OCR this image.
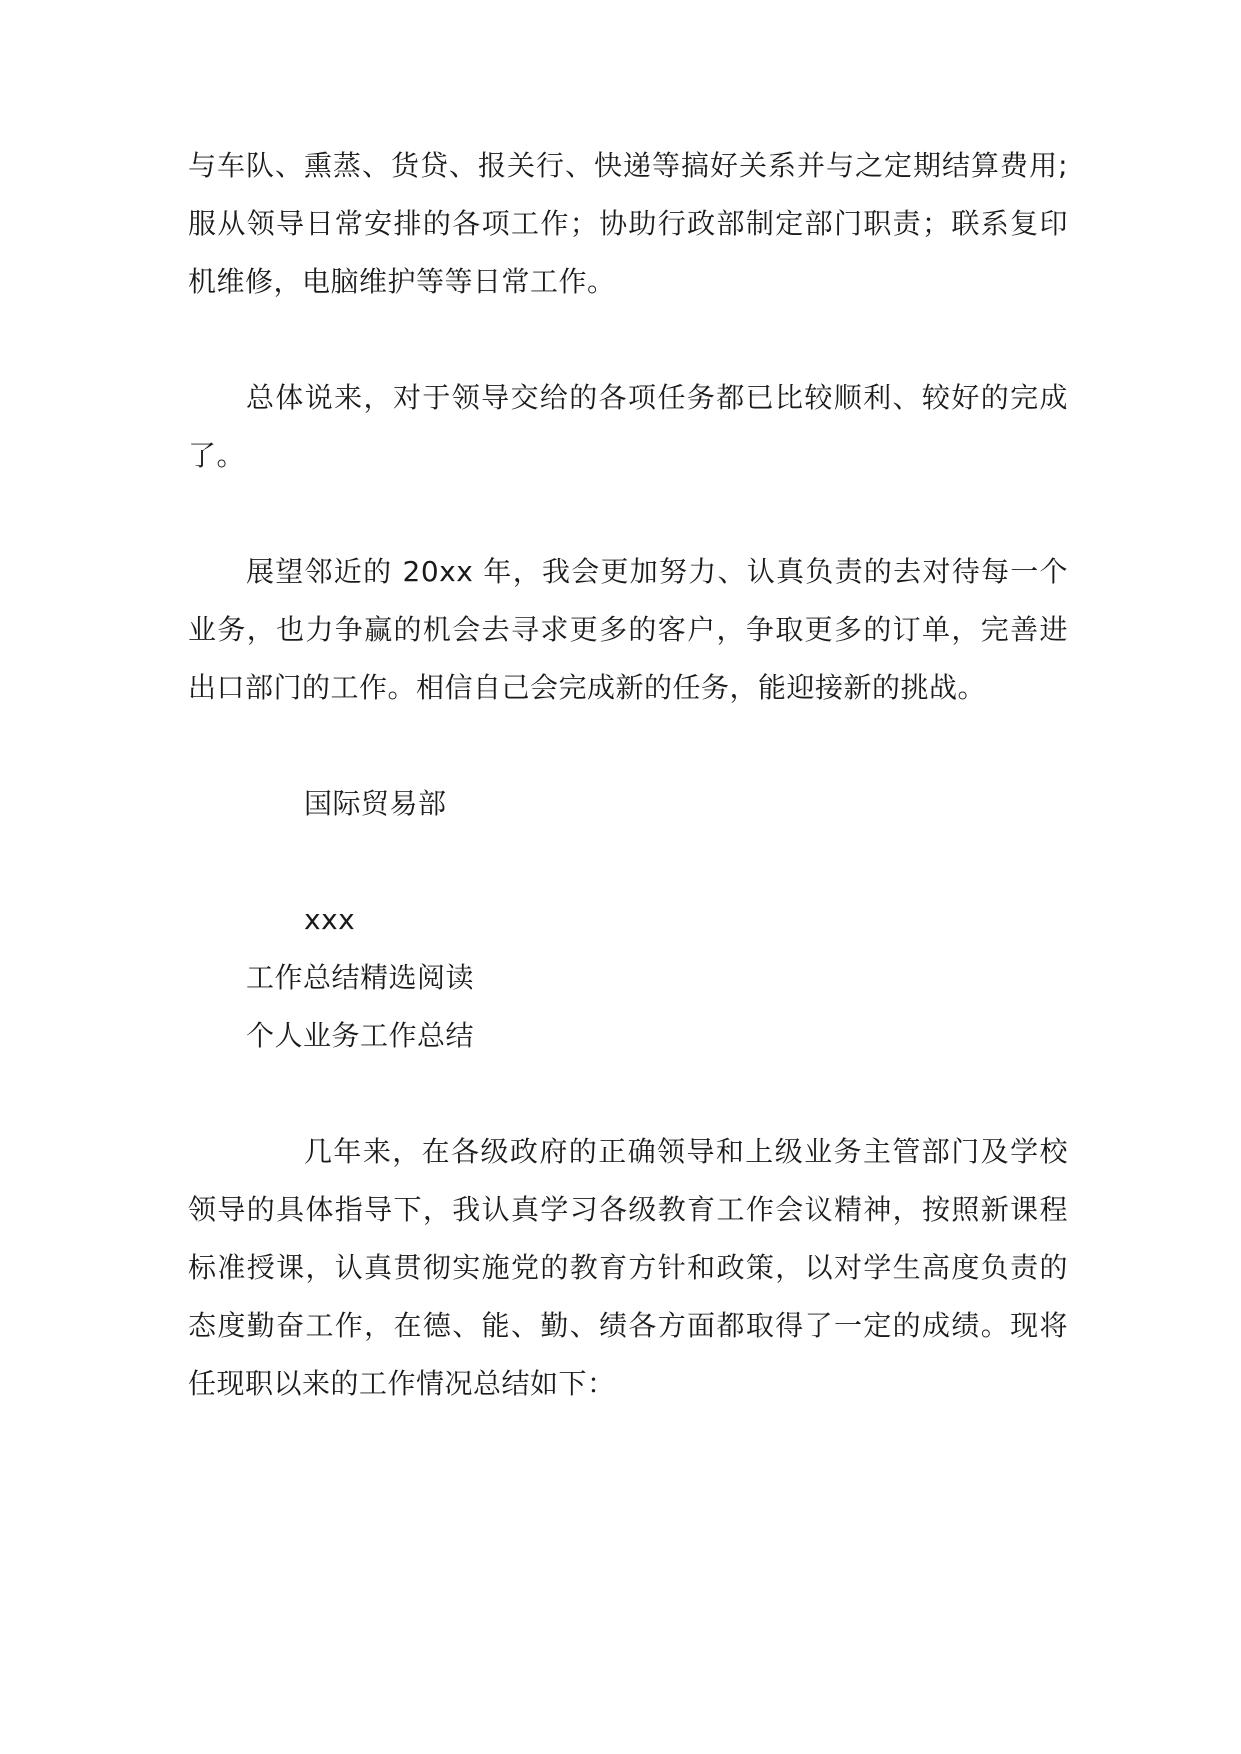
与车队、熏蒸、货贷、报关行、快递等搞好关系并与之定期结算费用;
服从领导日常安排的各项工作；协助行政部制定部门职责；联系复印
机维修，电脑维护等等日常工作。
总体说来，对于领导交给的各项任务都已比较顺利、较好的完成
了。
展望邻近的 20xx 年，我会更加努力、认真负责的去对待每一个
业务，也力争赢的机会去寻求更多的客户，争取更多的订单，完善进
出口部门的工作。相信自己会完成新的任务，能迎接新的挑战。
国际贸易部
xxx
工作总结精选阅读
个人业务工作总结
几年来，在各级政府的正确领导和上级业务主管部门及学校
领导的具体指导下，我认真学习各级教育工作会议精神，按照新课程
标准授课，认真贯彻实施党的教育方针和政策，以对学生高度负责的
态度勤奋工作，在德、能、勤、绩各方面都取得了一定的成绩。现将
任现职以来的工作情况总结如下：
